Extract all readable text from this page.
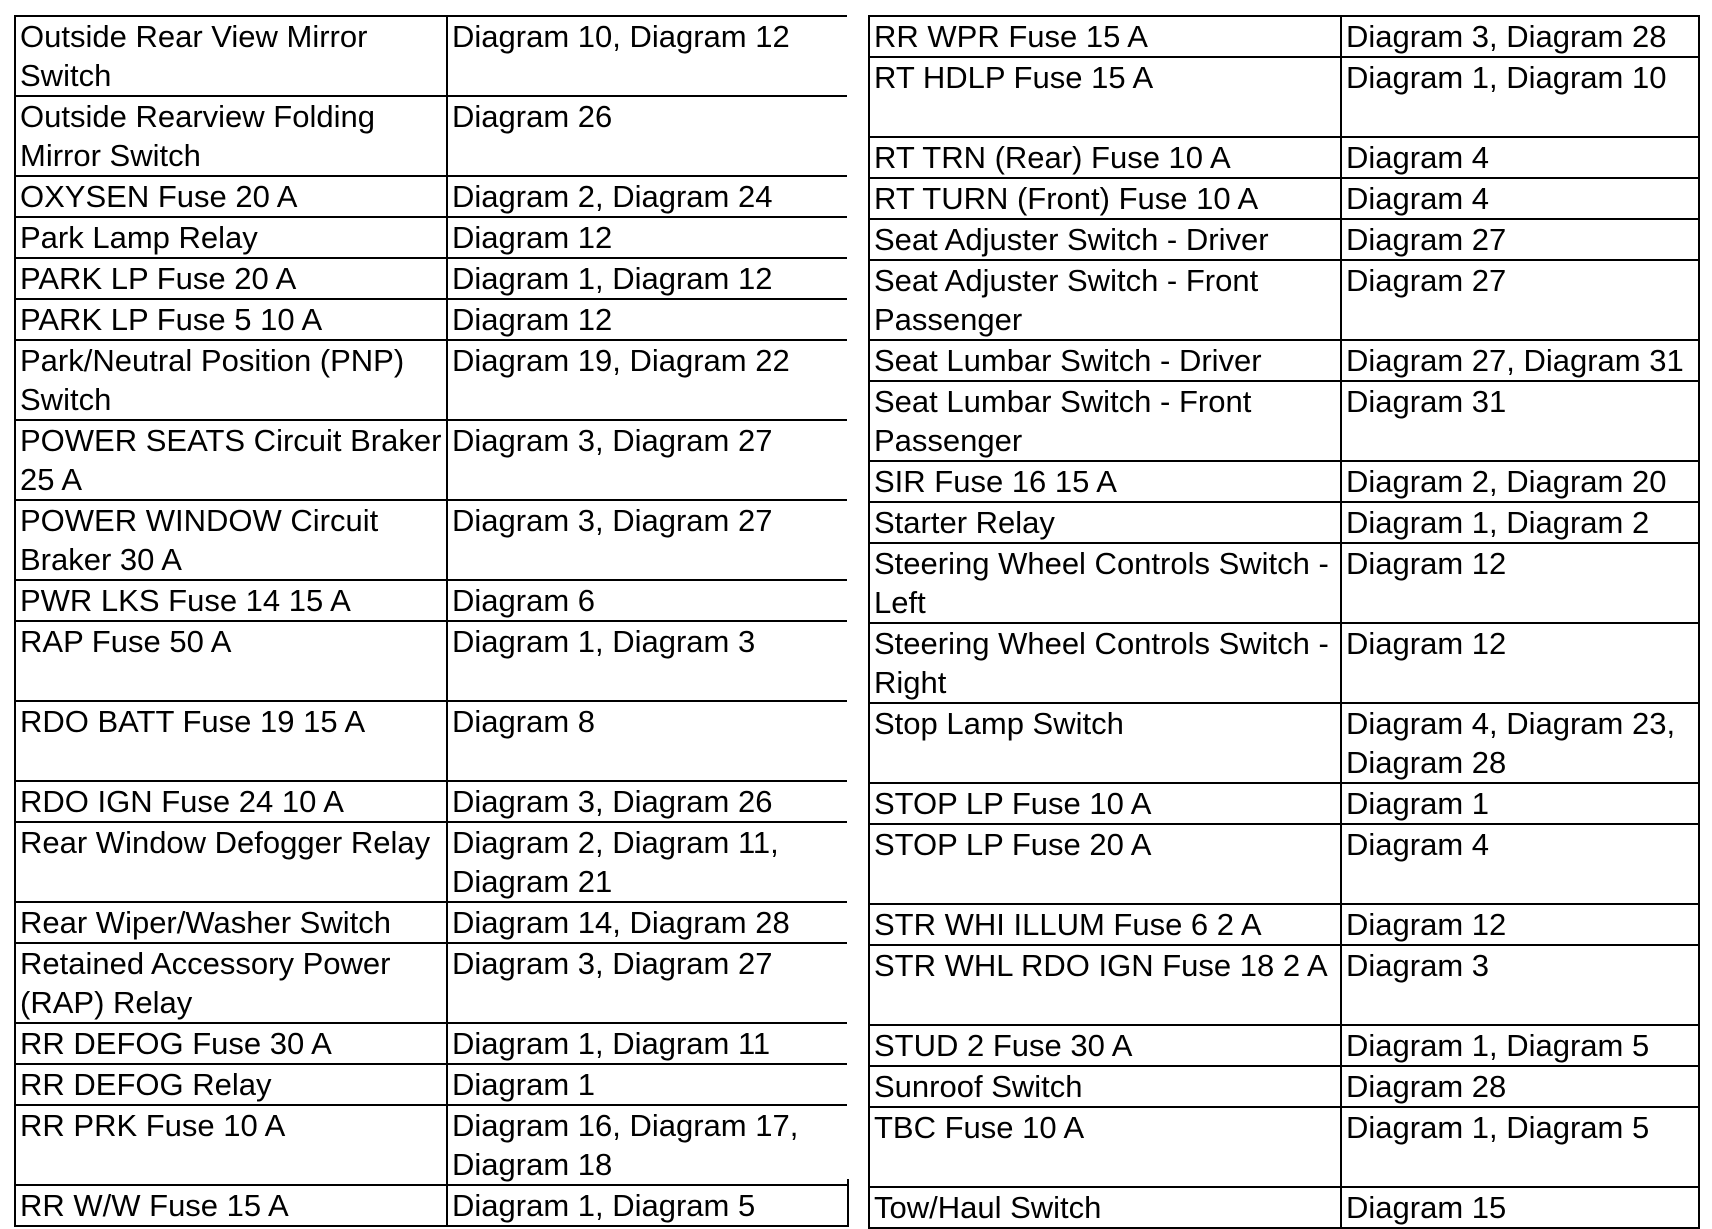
Outside Rear View Mirror Switch	Diagram 10, Diagram 12
Outside Rearview Folding Mirror Switch	Diagram 26
OXYSEN Fuse 20 A	Diagram 2, Diagram 24
Park Lamp Relay	Diagram 12
PARK LP Fuse 20 A	Diagram 1, Diagram 12
PARK LP Fuse 5 10 A	Diagram 12
Park/Neutral Position (PNP) Switch	Diagram 19, Diagram 22
POWER SEATS Circuit Braker 25 A	Diagram 3, Diagram 27
POWER WINDOW Circuit Braker 30 A	Diagram 3, Diagram 27
PWR LKS Fuse 14 15 A	Diagram 6
RAP Fuse 50 A	Diagram 1, Diagram 3
RDO BATT Fuse 19 15 A	Diagram 8
RDO IGN Fuse 24 10 A	Diagram 3, Diagram 26
Rear Window Defogger Relay	Diagram 2, Diagram 11, Diagram 21
Rear Wiper/Washer Switch	Diagram 14, Diagram 28
Retained Accessory Power (RAP) Relay	Diagram 3, Diagram 27
RR DEFOG Fuse 30 A	Diagram 1, Diagram 11
RR DEFOG Relay	Diagram 1
RR PRK Fuse 10 A	Diagram 16, Diagram 17, Diagram 18
RR W/W Fuse 15 A	Diagram 1, Diagram 5
RR WPR Fuse 15 A	Diagram 3, Diagram 28
RT HDLP Fuse 15 A	Diagram 1, Diagram 10
RT TRN (Rear) Fuse 10 A	Diagram 4
RT TURN (Front) Fuse 10 A	Diagram 4
Seat Adjuster Switch - Driver	Diagram 27
Seat Adjuster Switch - Front Passenger	Diagram 27
Seat Lumbar Switch - Driver	Diagram 27, Diagram 31
Seat Lumbar Switch - Front Passenger	Diagram 31
SIR Fuse 16 15 A	Diagram 2, Diagram 20
Starter Relay	Diagram 1, Diagram 2
Steering Wheel Controls Switch - Left	Diagram 12
Steering Wheel Controls Switch - Right	Diagram 12
Stop Lamp Switch	Diagram 4, Diagram 23, Diagram 28
STOP LP Fuse 10 A	Diagram 1
STOP LP Fuse 20 A	Diagram 4
STR WHI ILLUM Fuse 6 2 A	Diagram 12
STR WHL RDO IGN Fuse 18 2 A	Diagram 3
STUD 2 Fuse 30 A	Diagram 1, Diagram 5
Sunroof Switch	Diagram 28
TBC Fuse 10 A	Diagram 1, Diagram 5
Tow/Haul Switch	Diagram 15
